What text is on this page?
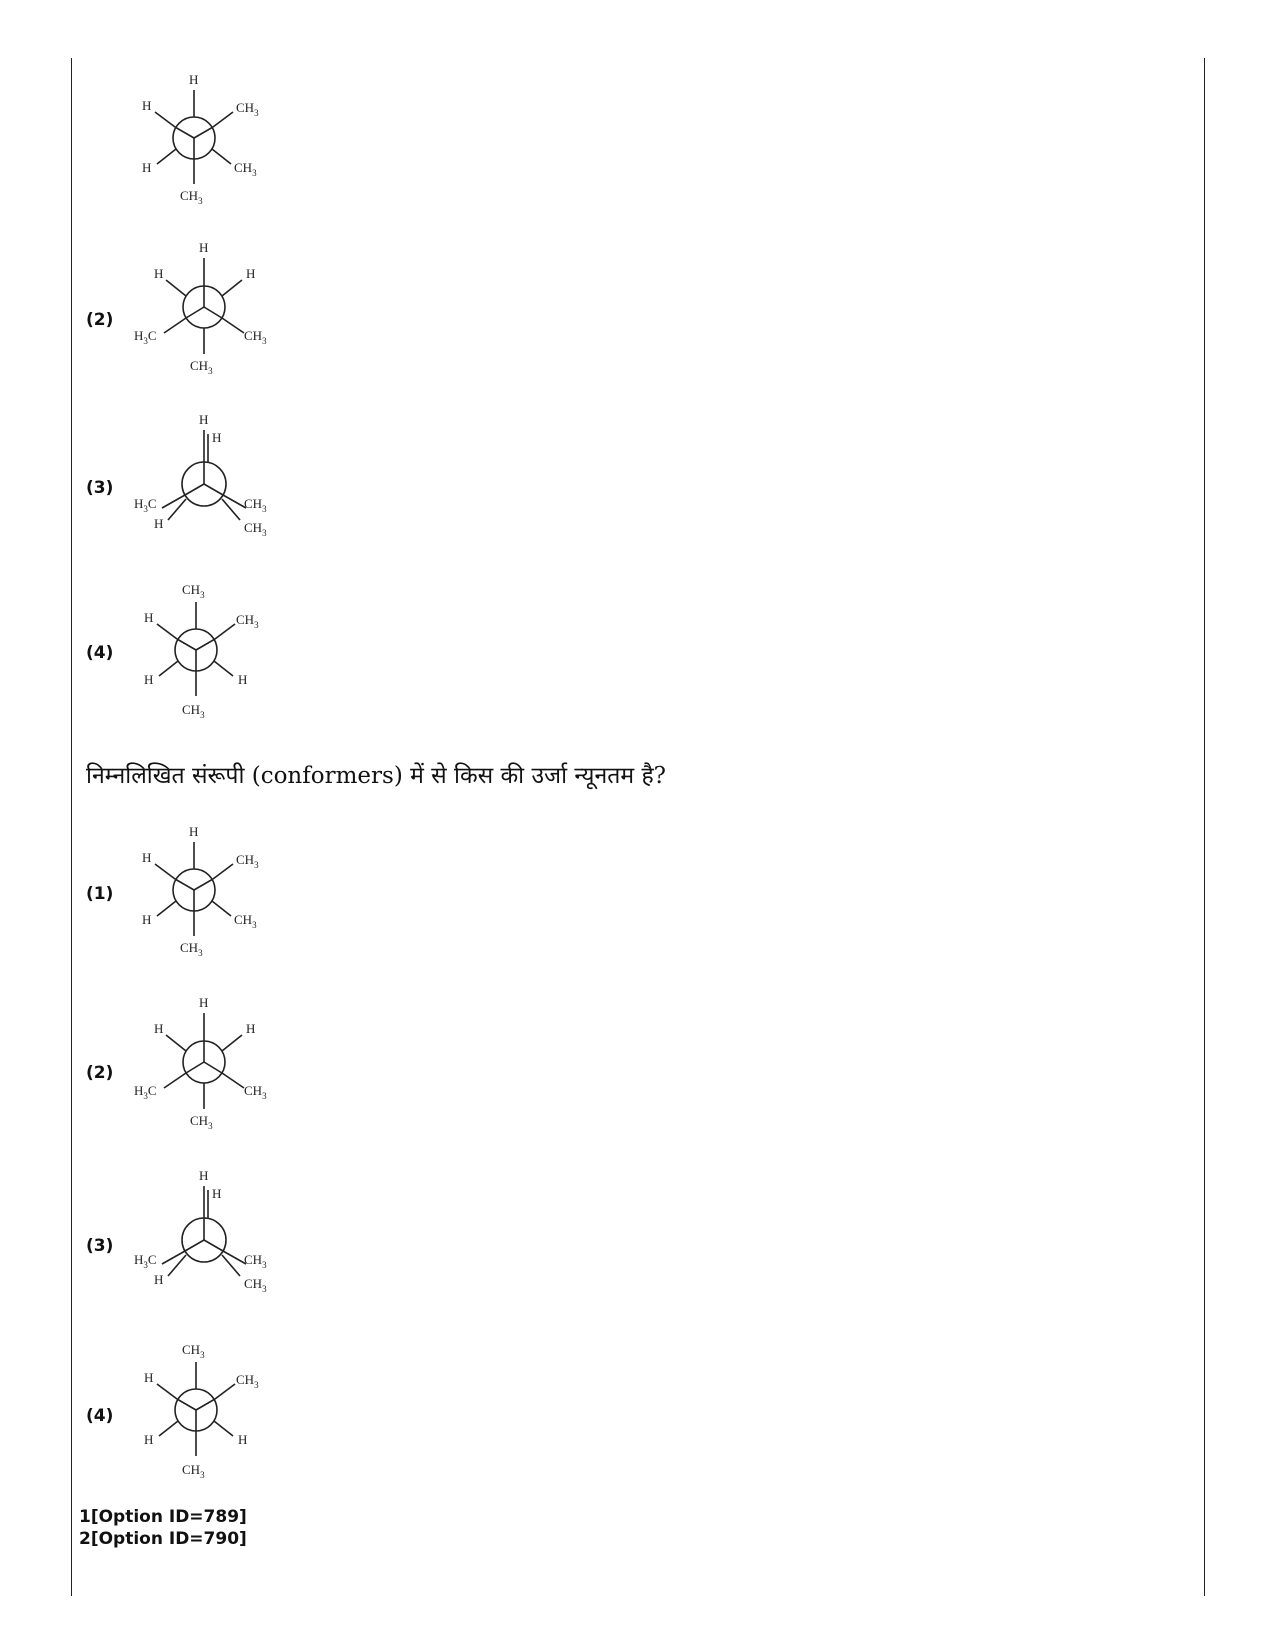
H
H	$CH_3$
H	$CH_3$
$CH_3$
H
H	H
$H_3C$	$CH_3$
$CH_3$
(2)
H
H
$H_3C$
H
$CH_3$
$CH_3$
(3)
$CH_3$
H	$CH_3$
H	H
$CH_3$
(4)
निम्नलिखित संरूपी (conformers) में से किस की उर्जा न्यूनतम है?
H
H	$CH_3$
H	$CH_3$
$CH_3$
(1)
H
H	H
$H_3C$	$CH_3$
$CH_3$
(2)
H
H
$H_3C$
H
$CH_3$
$CH_3$
(3)
$CH_3$
H	$CH_3$
H	H
$CH_3$
(4)
1[Option ID=789]
2[Option ID=790]
